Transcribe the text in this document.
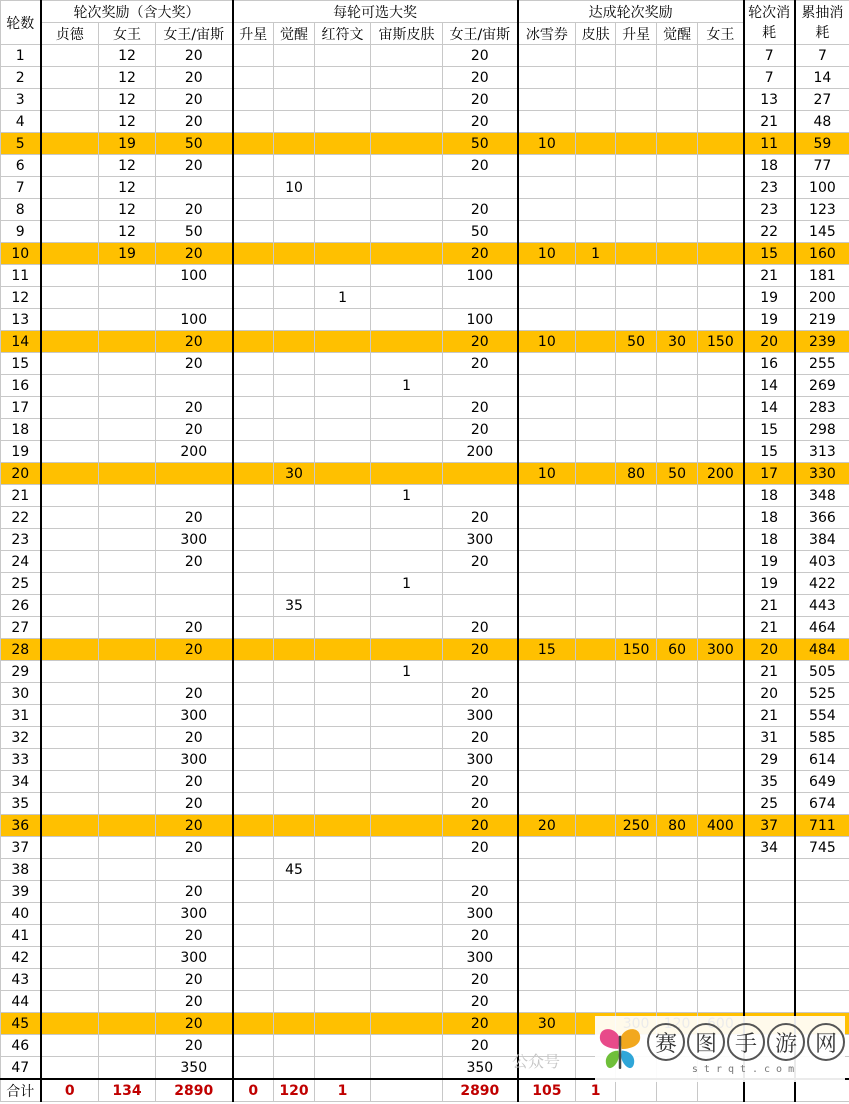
轮数	轮次奖励（含大奖）			每轮可选大奖					达成轮次奖励					轮次消耗	累抽消耗
	贞德	女王	女王/宙斯	升星	觉醒	红符文	宙斯皮肤	女王/宙斯	冰雪券	皮肤	升星	觉醒	女王		
1		12	20					20						7	7
2		12	20					20						7	14
3		12	20					20						13	27
4		12	20					20						21	48
5		19	50					50	10					11	59
6		12	20					20						18	77
7		12			10									23	100
8		12	20					20						23	123
9		12	50					50						22	145
10		19	20					20	10	1				15	160
11			100					100						21	181
12						1								19	200
13			100					100						19	219
14			20					20	10		50	30	150	20	239
15			20					20						16	255
16							1							14	269
17			20					20						14	283
18			20					20						15	298
19			200					200						15	313
20					30				10		80	50	200	17	330
21							1							18	348
22			20					20						18	366
23			300					300						18	384
24			20					20						19	403
25							1							19	422
26					35									21	443
27			20					20						21	464
28			20					20	15		150	60	300	20	484
29							1							21	505
30			20					20						20	525
31			300					300						21	554
32			20					20						31	585
33			300					300						29	614
34			20					20						35	649
35			20					20						25	674
36			20					20	20		250	80	400	37	711
37			20					20						34	745
38					45										
39			20					20							
40			300					300							
41			20					20							
42			300					300							
43			20					20							
44			20					20							
45			20					20	30						
46			20					20							
47			350					350							
合计	0	134	2890	0	120	1		2890	105	1					
公众号
赛 图 手 游 网
strqt.com
